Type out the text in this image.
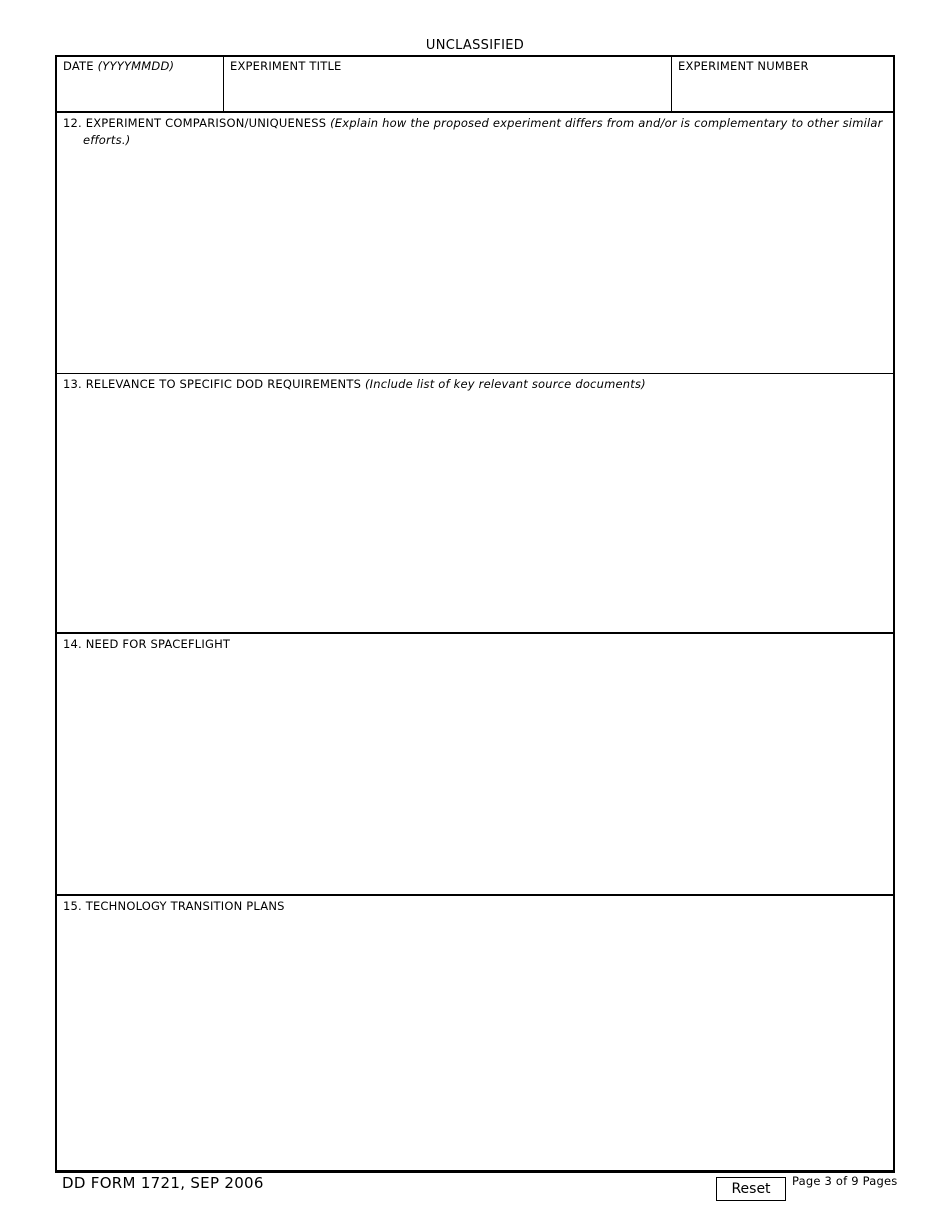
UNCLASSIFIED
DATE (YYYYMMDD)	EXPERIMENT TITLE	EXPERIMENT NUMBER
12. EXPERIMENT COMPARISON/UNIQUENESS (Explain how the proposed experiment differs from and/or is complementary to other similar efforts.)
13. RELEVANCE TO SPECIFIC DOD REQUIREMENTS (Include list of key relevant source documents)
14. NEED FOR SPACEFLIGHT
15. TECHNOLOGY TRANSITION PLANS
DD FORM 1721, SEP 2006	Reset	Page 3 of 9 Pages
